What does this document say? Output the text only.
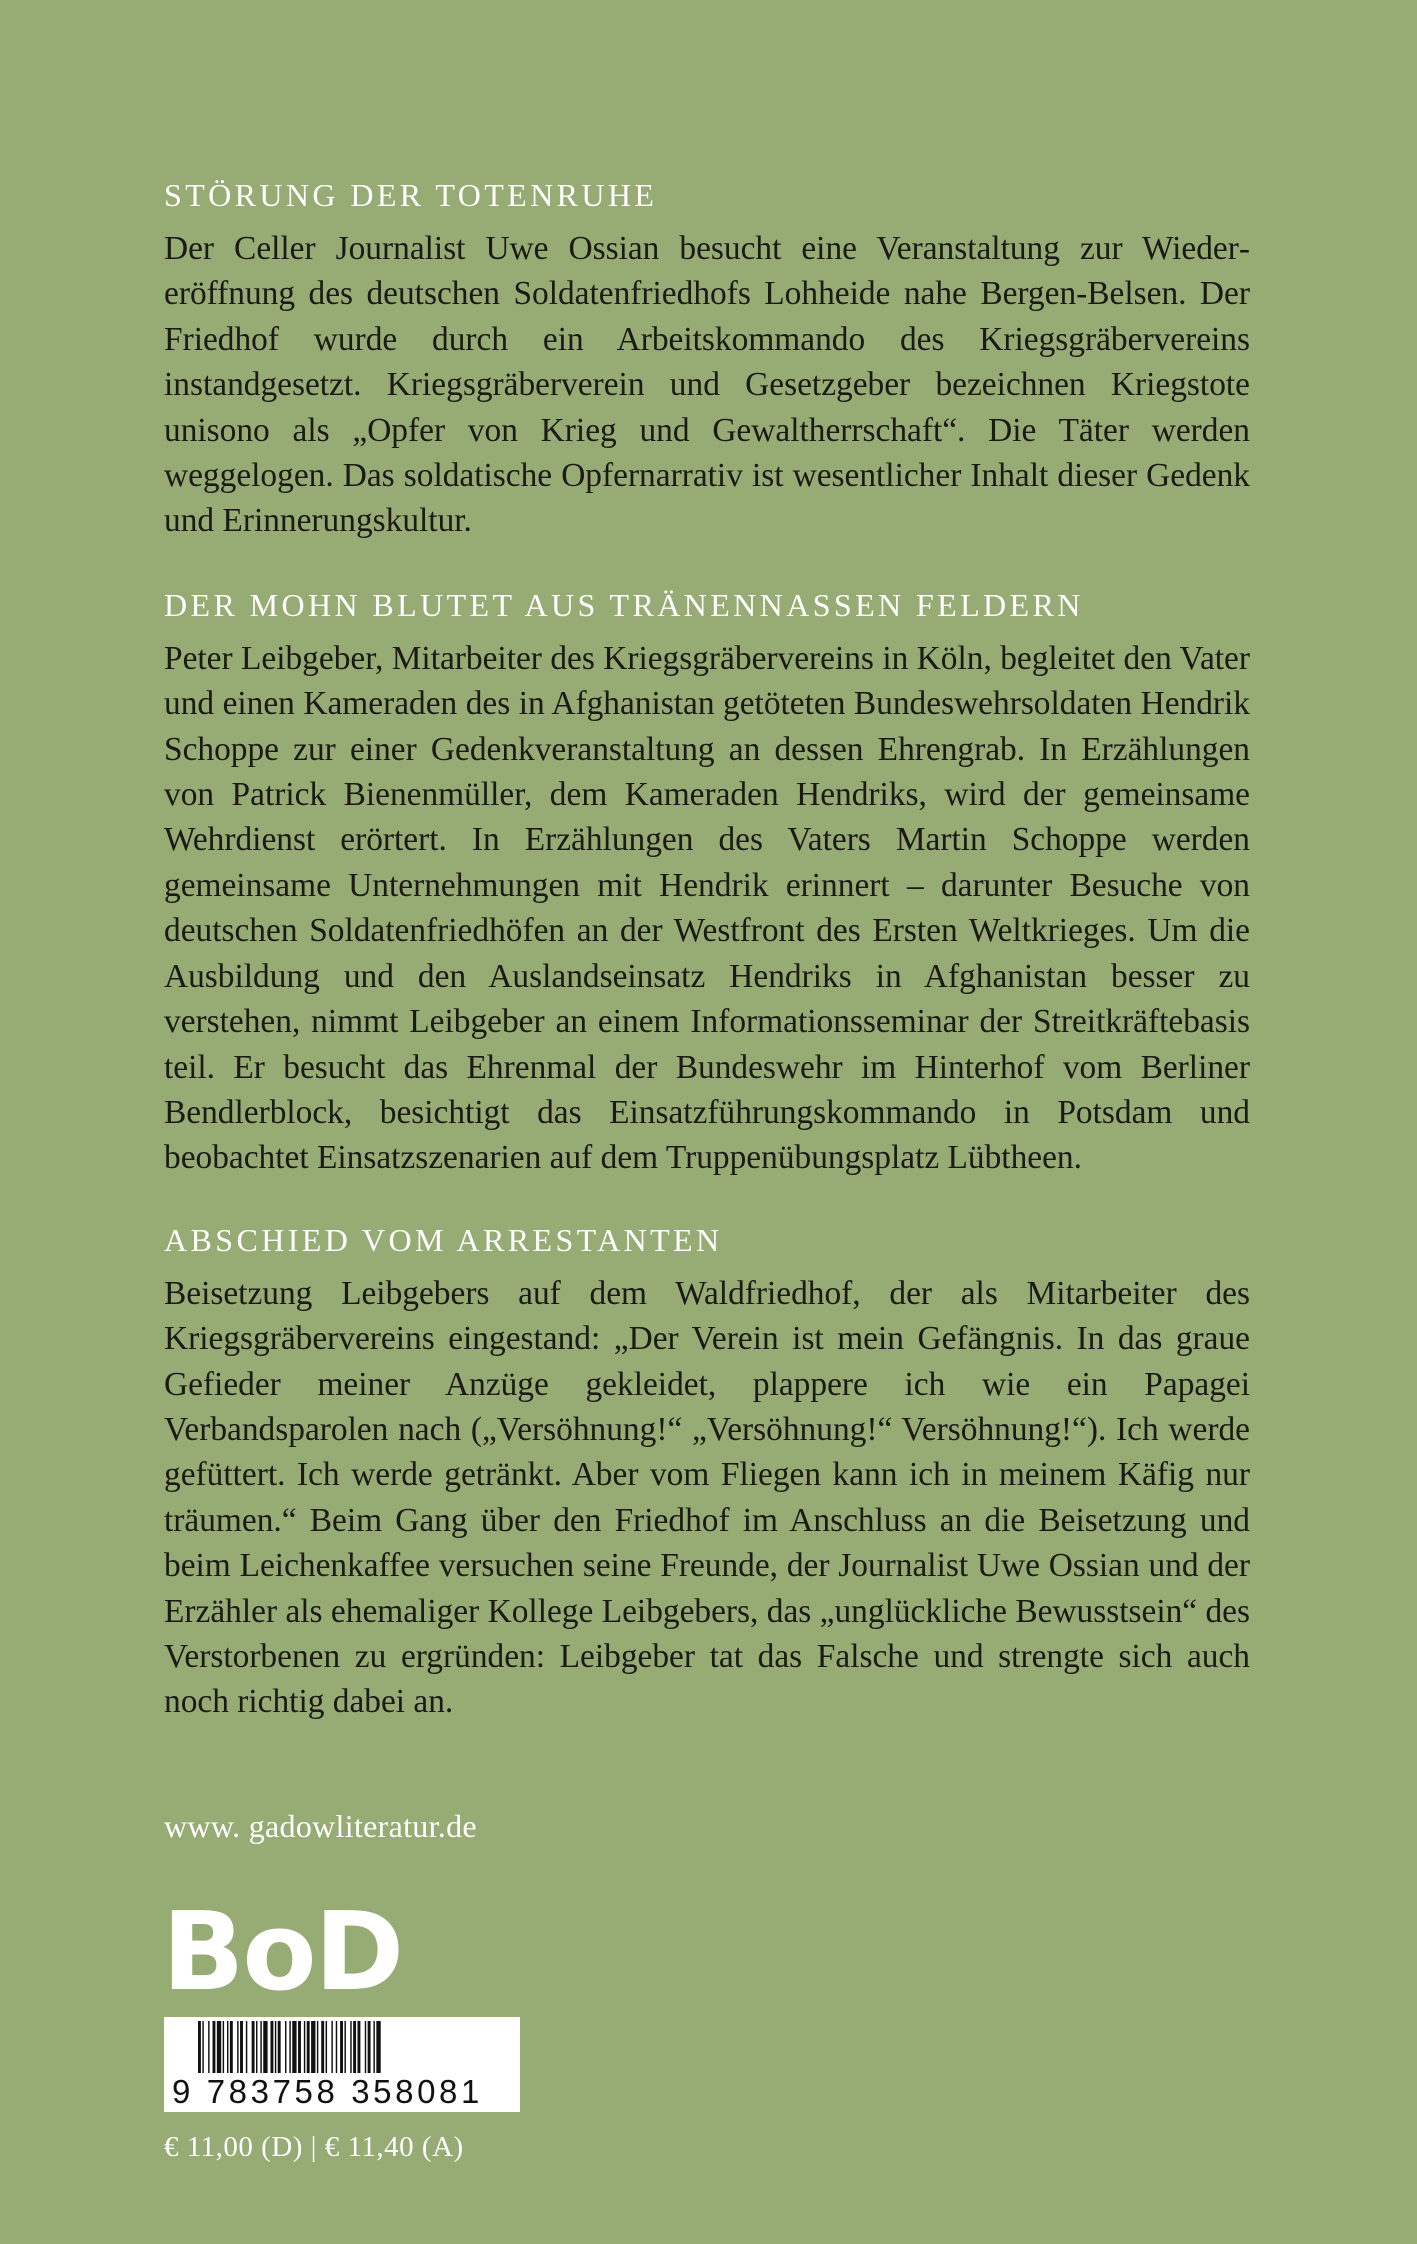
STÖRUNG DER TOTENRUHE

Der Celler Journalist Uwe Ossian besucht eine Veranstaltung zur Wiedereröffnung des deutschen Soldatenfriedhofs Lohheide nahe Bergen-Belsen. Der Friedhof wurde durch ein Arbeitskommando des Kriegsgräbervereins instandgesetzt. Kriegsgräberverein und Gesetzgeber bezeichnen Kriegstote unisono als „Opfer von Krieg und Gewaltherrschaft“. Die Täter werden weggelogen. Das soldatische Opfernarrativ ist wesentlicher Inhalt dieser Gedenk und Erinnerungskultur.

DER MOHN BLUTET AUS TRÄNENNASSEN FELDERN

Peter Leibgeber, Mitarbeiter des Kriegsgräbervereins in Köln, begleitet den Vater und einen Kameraden des in Afghanistan getöteten Bundeswehrsoldaten Hendrik Schoppe zur einer Gedenkveranstaltung an dessen Ehrengrab. In Erzählungen von Patrick Bienenmüller, dem Kameraden Hendriks, wird der gemeinsame Wehrdienst erörtert. In Erzählungen des Vaters Martin Schoppe werden gemeinsame Unternehmungen mit Hendrik erinnert – darunter Besuche von deutschen Soldatenfriedhöfen an der Westfront des Ersten Weltkrieges. Um die Ausbildung und den Auslandseinsatz Hendriks in Afghanistan besser zu verstehen, nimmt Leibgeber an einem Informationsseminar der Streitkräftebasis teil. Er besucht das Ehrenmal der Bundeswehr im Hinterhof vom Berliner Bendlerblock, besichtigt das Einsatzführungskommando in Potsdam und beobachtet Einsatzszenarien auf dem Truppenübungsplatz Lübtheen.

ABSCHIED VOM ARRESTANTEN

Beisetzung Leibgebers auf dem Waldfriedhof, der als Mitarbeiter des Kriegsgräbervereins eingestand: „Der Verein ist mein Gefängnis. In das graue Gefieder meiner Anzüge gekleidet, plappere ich wie ein Papagei Verbandsparolen nach („Versöhnung!“ „Versöhnung!“ Versöhnung!“). Ich werde gefüttert. Ich werde getränkt. Aber vom Fliegen kann ich in meinem Käfig nur träumen.“ Beim Gang über den Friedhof im Anschluss an die Beisetzung und beim Leichenkaffee versuchen seine Freunde, der Journalist Uwe Ossian und der Erzähler als ehemaliger Kollege Leibgebers, das „unglückliche Bewusstsein“ des Verstorbenen zu ergründen: Leibgeber tat das Falsche und strengte sich auch noch richtig dabei an.

www. gadowliteratur.de
BoD
9 783758 358081
€ 11,00 (D) | € 11,40 (A)
